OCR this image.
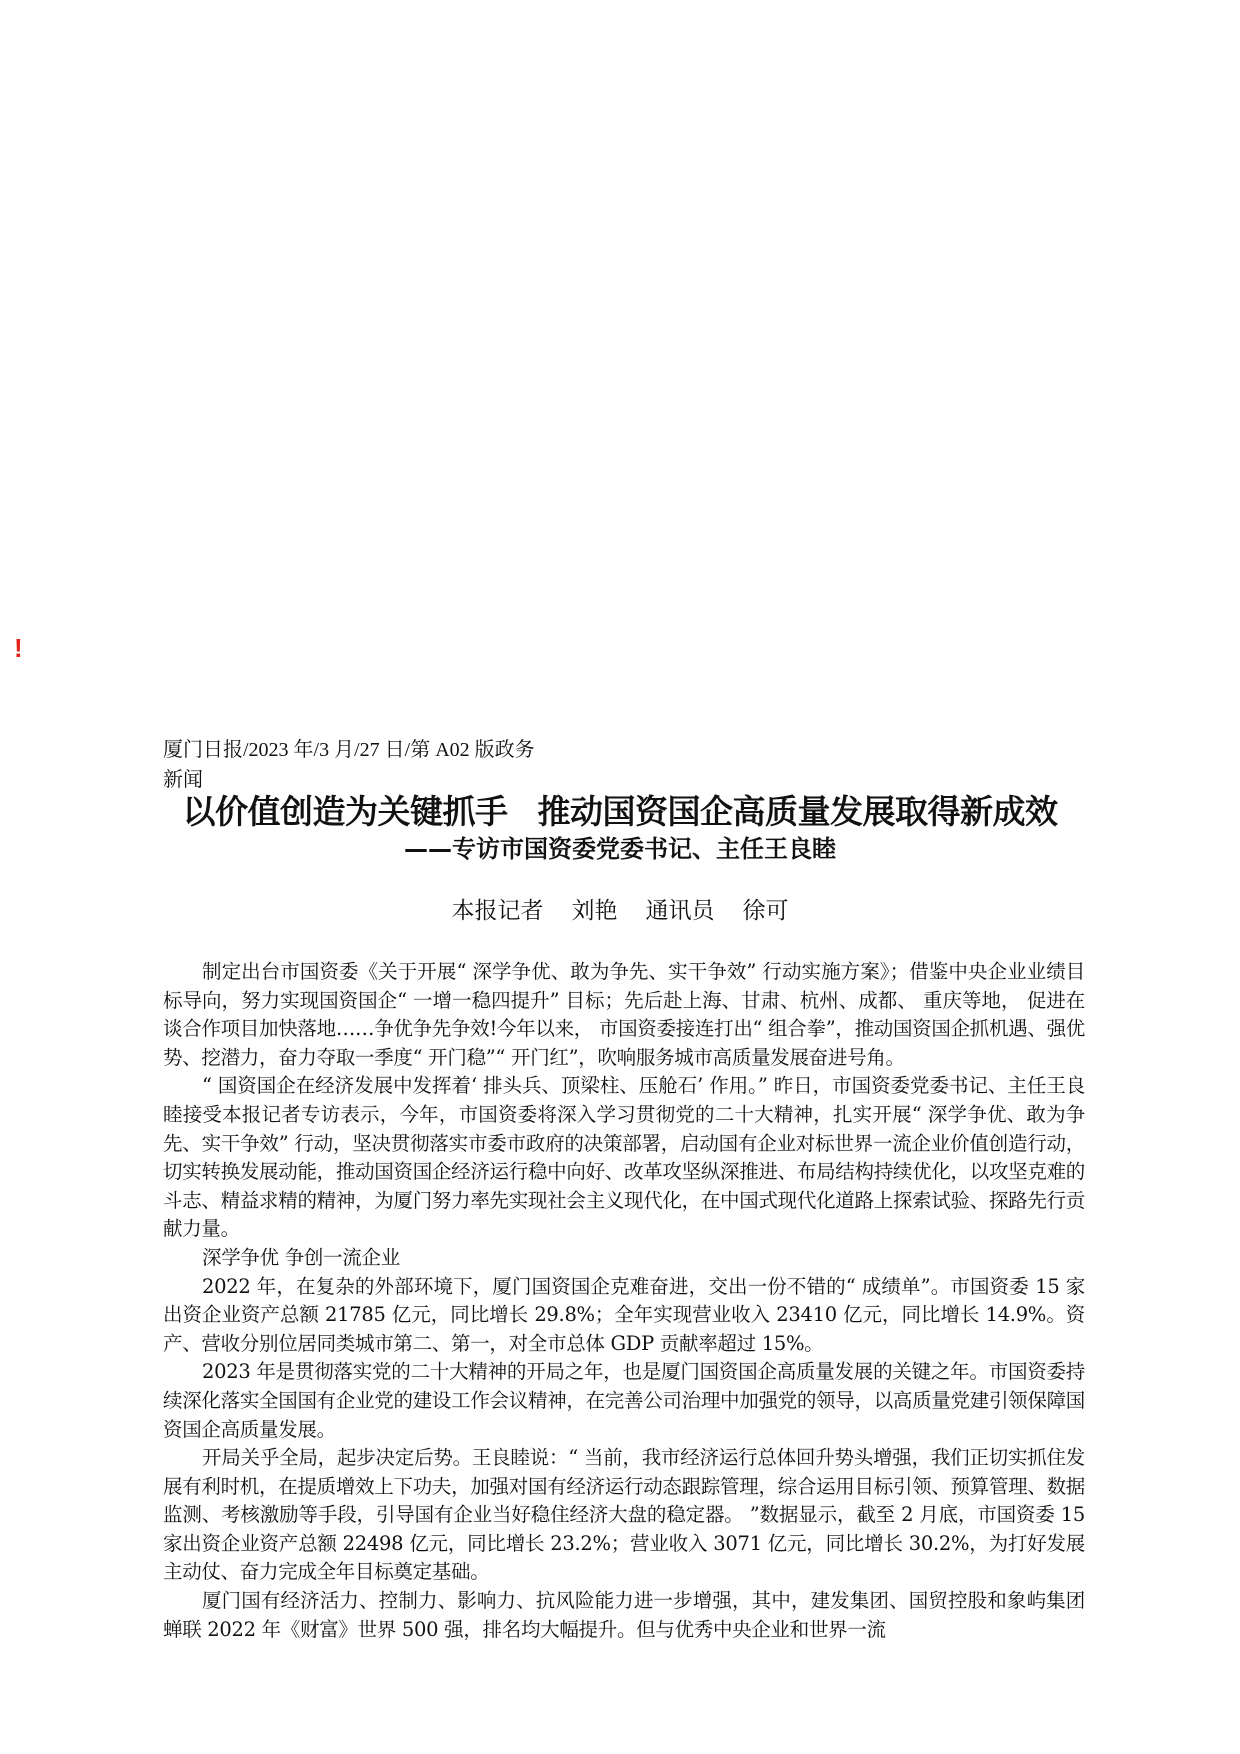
!
厦门日报/2023 年/3 月/27 日/第 A02 版政务新闻
以价值创造为关键抓手 推动国资国企高质量发展取得新成效
——专访市国资委党委书记、主任王良睦
本报记者 刘艳 通讯员 徐可

制定出台市国资委《关于开展“ 深学争优、敢为争先、实干争效” 行动实施方案》；借鉴中央企业业绩目标导向，努力实现国资国企“ 一增一稳四提升” 目标；先后赴上海、甘肃、杭州、成都、 重庆等地， 促进在谈合作项目加快落地……争优争先争效!今年以来， 市国资委接连打出“ 组合拳”，推动国资国企抓机遇、强优势、挖潜力，奋力夺取一季度“ 开门稳”“ 开门红”，吹响服务城市高质量发展奋进号角。

“ 国资国企在经济发展中发挥着‘ 排头兵、顶梁柱、压舱石’ 作用。” 昨日，市国资委党委书记、主任王良睦接受本报记者专访表示，今年，市国资委将深入学习贯彻党的二十大精神，扎实开展“ 深学争优、敢为争先、实干争效” 行动，坚决贯彻落实市委市政府的决策部署，启动国有企业对标世界一流企业价值创造行动，切实转换发展动能，推动国资国企经济运行稳中向好、改革攻坚纵深推进、布局结构持续优化，以攻坚克难的斗志、精益求精的精神，为厦门努力率先实现社会主义现代化，在中国式现代化道路上探索试验、探路先行贡献力量。

深学争优 争创一流企业

2022 年，在复杂的外部环境下，厦门国资国企克难奋进，交出一份不错的“ 成绩单”。市国资委 15 家出资企业资产总额 21785 亿元，同比增长 29.8%；全年实现营业收入 23410 亿元，同比增长 14.9%。资产、营收分别位居同类城市第二、第一，对全市总体 GDP 贡献率超过 15%。

2023 年是贯彻落实党的二十大精神的开局之年，也是厦门国资国企高质量发展的关键之年。市国资委持续深化落实全国国有企业党的建设工作会议精神，在完善公司治理中加强党的领导，以高质量党建引领保障国资国企高质量发展。

开局关乎全局，起步决定后势。王良睦说：“ 当前，我市经济运行总体回升势头增强，我们正切实抓住发展有利时机，在提质增效上下功夫，加强对国有经济运行动态跟踪管理，综合运用目标引领、预算管理、数据监测、考核激励等手段，引导国有企业当好稳住经济大盘的稳定器。 ”数据显示，截至 2 月底，市国资委 15 家出资企业资产总额 22498 亿元，同比增长 23.2%；营业收入 3071 亿元，同比增长 30.2%，为打好发展主动仗、奋力完成全年目标奠定基础。

厦门国有经济活力、控制力、影响力、抗风险能力进一步增强，其中，建发集团、国贸控股和象屿集团蝉联 2022 年《财富》世界 500 强，排名均大幅提升。但与优秀中央企业和世界一流
